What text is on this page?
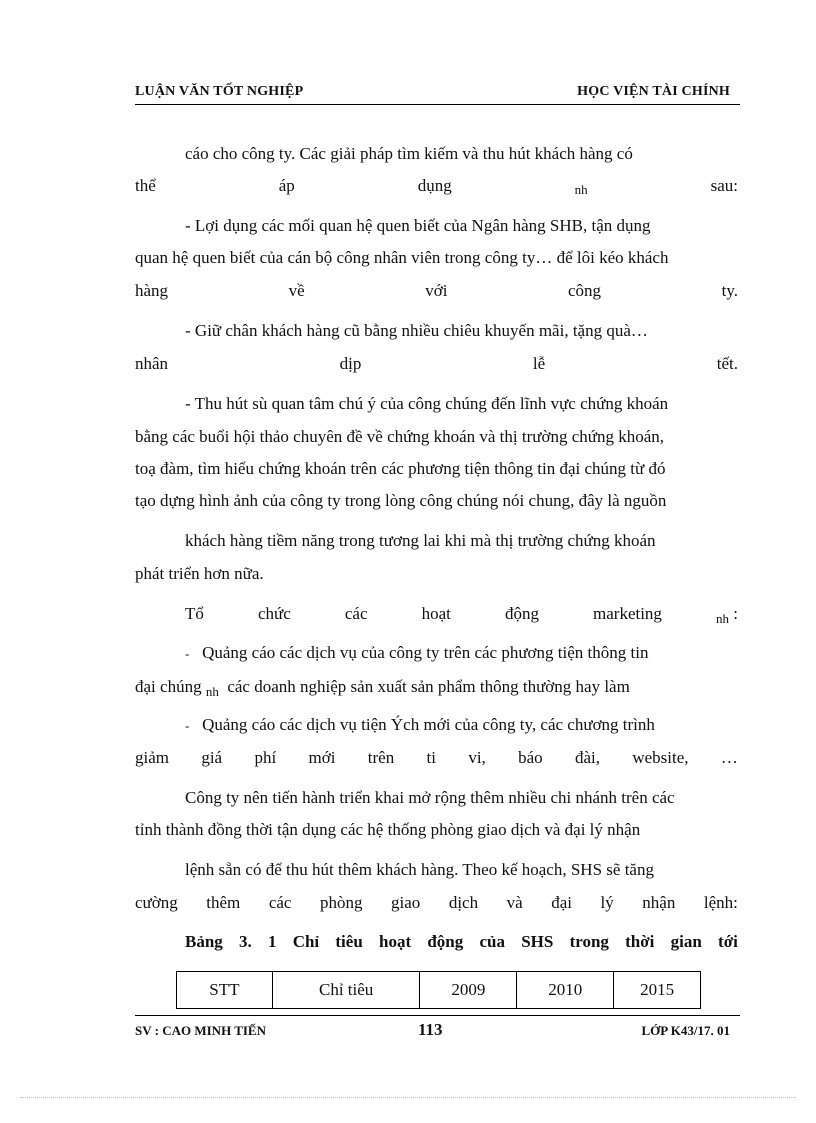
LUẬN VĂN TỐT NGHIỆP	HỌC VIỆN TÀI CHÍNH
cáo cho công ty. Các giải pháp tìm kiếm và thu hút khách hàng có
thể	áp	dụng	nh	sau:
- Lợi dụng các mối quan hệ quen biết của Ngân hàng SHB, tận dụng
quan hệ quen biết của cán bộ công nhân viên trong công ty… để lôi kéo khách
hàng	về	với	công	ty.
- Giữ chân khách hàng cũ bằng nhiều chiêu khuyến mãi, tặng quà…
nhân	dịp	lễ	tết.
- Thu hút sù quan tâm chú ý của công chúng đến lĩnh vực chứng khoán
bằng các buổi hội thảo chuyên đề về chứng khoán và thị trường chứng khoán,
toạ đàm, tìm hiểu chứng khoán trên các phương tiện thông tin đại chúng từ đó
tạo dựng hình ảnh của công ty trong lòng công chúng nói chung, đây là nguồn
khách hàng tiềm năng trong tương lai khi mà thị trường chứng khoán
phát triển hơn nữa.
Tổ	chức	các	hoạt	động	marketing	$_{nh}$ :
- Quảng cáo các dịch vụ của công ty trên các phương tiện thông tin
đại chúng $_{nh}$ các doanh nghiệp sản xuất sản phẩm thông thường hay làm
- Quảng cáo các dịch vụ tiện Ých mới của công ty, các chương trình
giảm giá phí mới trên ti vi, báo đài, website, …
Công ty nên tiến hành triển khai mở rộng thêm nhiều chi nhánh trên các
tỉnh thành đồng thời tận dụng các hệ thống phòng giao dịch và đại lý nhận
lệnh sẵn có để thu hút thêm khách hàng. Theo kế hoạch, SHS sẽ tăng
cường thêm các phòng giao dịch và đại lý nhận lệnh:
Bảng 3. 1 Chỉ tiêu hoạt động của SHS trong thời gian tới
STT	Chỉ tiêu	2009	2010	2015
SV : CAO MINH TIẾN	113	LỚP K43/17. 01
